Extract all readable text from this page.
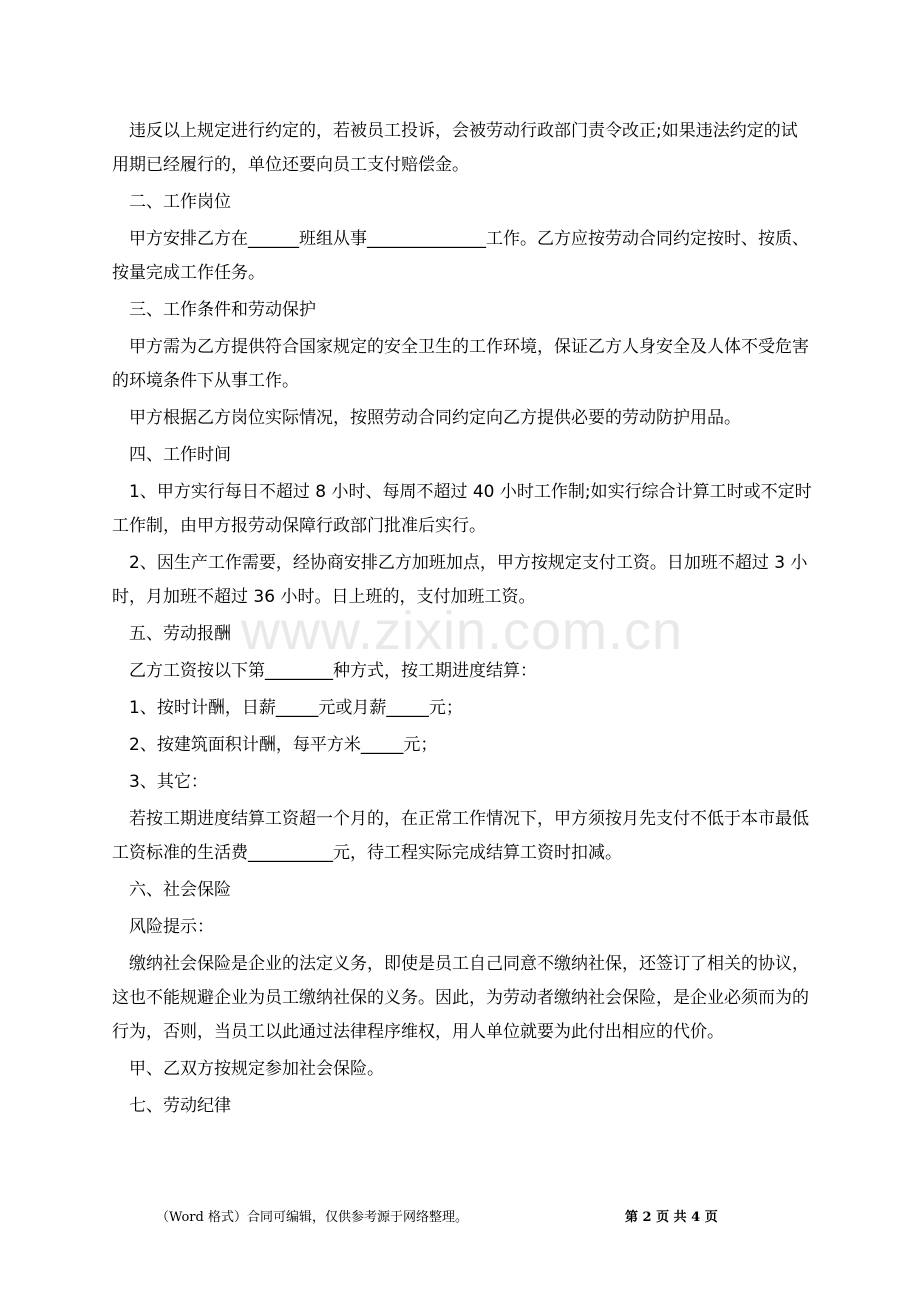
www.zixin.com.cn

违反以上规定进行约定的，若被员工投诉，会被劳动行政部门责令改正;如果违法约定的试用期已经履行的，单位还要向员工支付赔偿金。

二、工作岗位

甲方安排乙方在______班组从事______________工作。乙方应按劳动合同约定按时、按质、按量完成工作任务。

三、工作条件和劳动保护

甲方需为乙方提供符合国家规定的安全卫生的工作环境，保证乙方人身安全及人体不受危害的环境条件下从事工作。

甲方根据乙方岗位实际情况，按照劳动合同约定向乙方提供必要的劳动防护用品。

四、工作时间

1、甲方实行每日不超过 8 小时、每周不超过 40 小时工作制;如实行综合计算工时或不定时工作制，由甲方报劳动保障行政部门批准后实行。

2、因生产工作需要，经协商安排乙方加班加点，甲方按规定支付工资。日加班不超过 3 小时，月加班不超过 36 小时。日上班的，支付加班工资。

五、劳动报酬

乙方工资按以下第________种方式，按工期进度结算：

1、按时计酬，日薪_____元或月薪_____元；

2、按建筑面积计酬，每平方米_____元；

3、其它：

若按工期进度结算工资超一个月的，在正常工作情况下，甲方须按月先支付不低于本市最低工资标准的生活费__________元，待工程实际完成结算工资时扣减。

六、社会保险

风险提示：

缴纳社会保险是企业的法定义务，即使是员工自己同意不缴纳社保，还签订了相关的协议，这也不能规避企业为员工缴纳社保的义务。因此，为劳动者缴纳社会保险，是企业必须而为的行为，否则，当员工以此通过法律程序维权，用人单位就要为此付出相应的代价。

甲、乙双方按规定参加社会保险。

七、劳动纪律

（Word 格式）合同可编辑，仅供参考源于网络整理。	第 2 页 共 4 页
